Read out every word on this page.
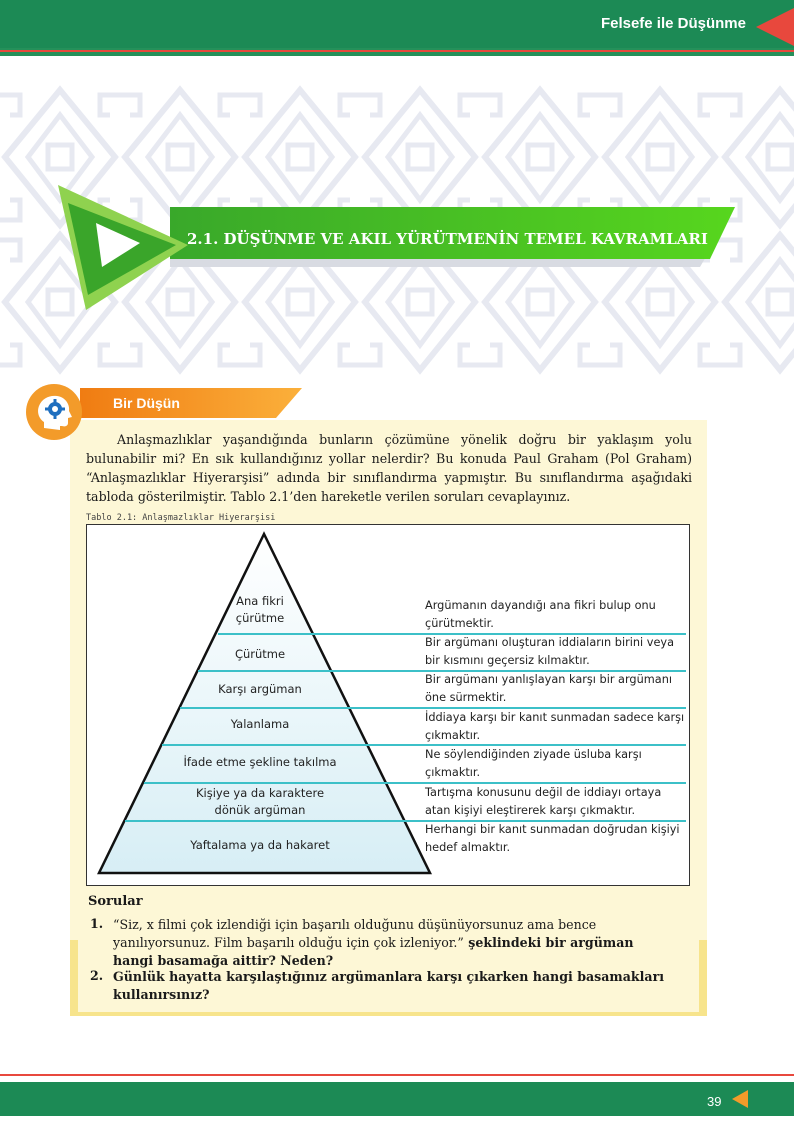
Felsefe ile Düşünme
2.1. DÜŞÜNME VE AKIL YÜRÜTMENİN TEMEL KAVRAMLARI
Bir Düşün

Anlaşmazlıklar yaşandığında bunların çözümüne yönelik doğru bir yaklaşım yolu bulunabilir mi? En sık kullandığınız yollar nelerdir? Bu konuda Paul Graham (Pol Graham) “Anlaşmazlıklar Hiyerarşisi” adında bir sınıflandırma yapmıştır. Bu sınıflandırma aşağıdaki tabloda gösterilmiştir. Tablo 2.1’den hareketle verilen soruları cevaplayınız.

Tablo 2.1: Anlaşmazlıklar Hiyerarşisi
Ana fikri
çürütme
Çürütme
Karşı argüman
Yalanlama
İfade etme şekline takılma
Kişiye ya da karaktere
dönük argüman
Yaftalama ya da hakaret
Argümanın dayandığı ana fikri bulup onu çürütmektir.
Bir argümanı oluşturan iddiaların birini veya bir kısmını geçersiz kılmaktır.
Bir argümanı yanlışlayan karşı bir argümanı öne sürmektir.
İddiaya karşı bir kanıt sunmadan sadece karşı çıkmaktır.
Ne söylendiğinden ziyade üsluba karşı çıkmaktır.
Tartışma konusunu değil de iddiayı ortaya atan kişiyi eleştirerek karşı çıkmaktır.
Herhangi bir kanıt sunmadan doğrudan kişiyi hedef almaktır.
Sorular
1. “Siz, x filmi çok izlendiği için başarılı olduğunu düşünüyorsunuz ama bence yanılıyorsunuz. Film başarılı olduğu için çok izleniyor.” şeklindeki bir argüman hangi basamağa aittir? Neden?
2. Günlük hayatta karşılaştığınız argümanlara karşı çıkarken hangi basamakları kullanırsınız?
39
